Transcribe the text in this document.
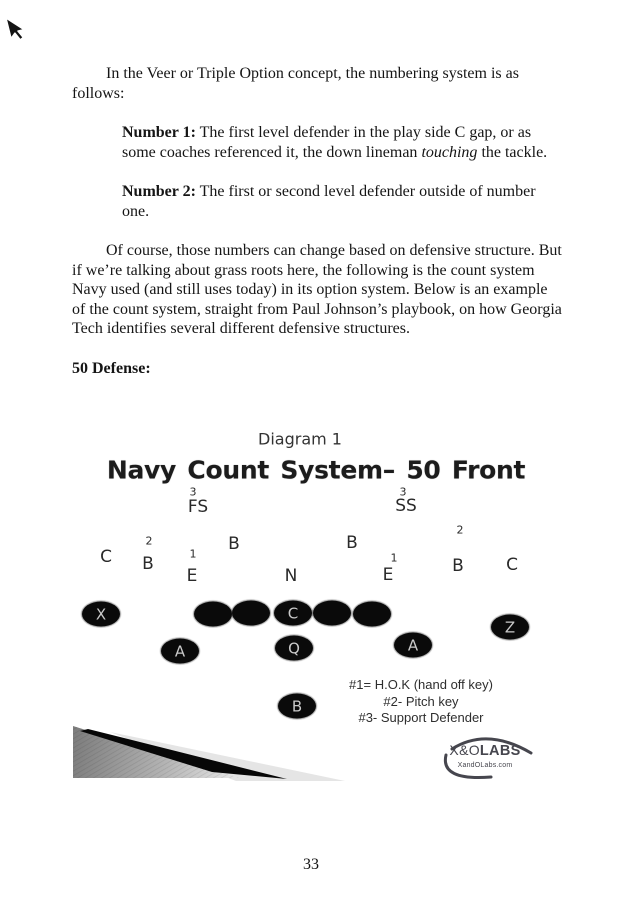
In the Veer or Triple Option concept, the numbering system is as follows:

Number 1: The first level defender in the play side C gap, or as some coaches referenced it, the down lineman touching the tackle.

Number 2: The first or second level defender outside of number one.

Of course, those numbers can change based on defensive structure. But if we’re talking about grass roots here, the following is the count system Navy used (and still uses today) in its option system. Below is an example of the count system, straight from Paul Johnson’s playbook, on how Georgia Tech identifies several different defensive structures.

50 Defense:

Diagram 1
Navy Count System– 50 Front
3	3
2
1	1
2
FS	SS
C B
B
E	N
B
E	B C
X	C
Z
A	Q	A
B
#1= H.O.K (hand off key)
#2- Pitch key
#3- Support Defender
X&OLABS
XandOLabs.com
33
